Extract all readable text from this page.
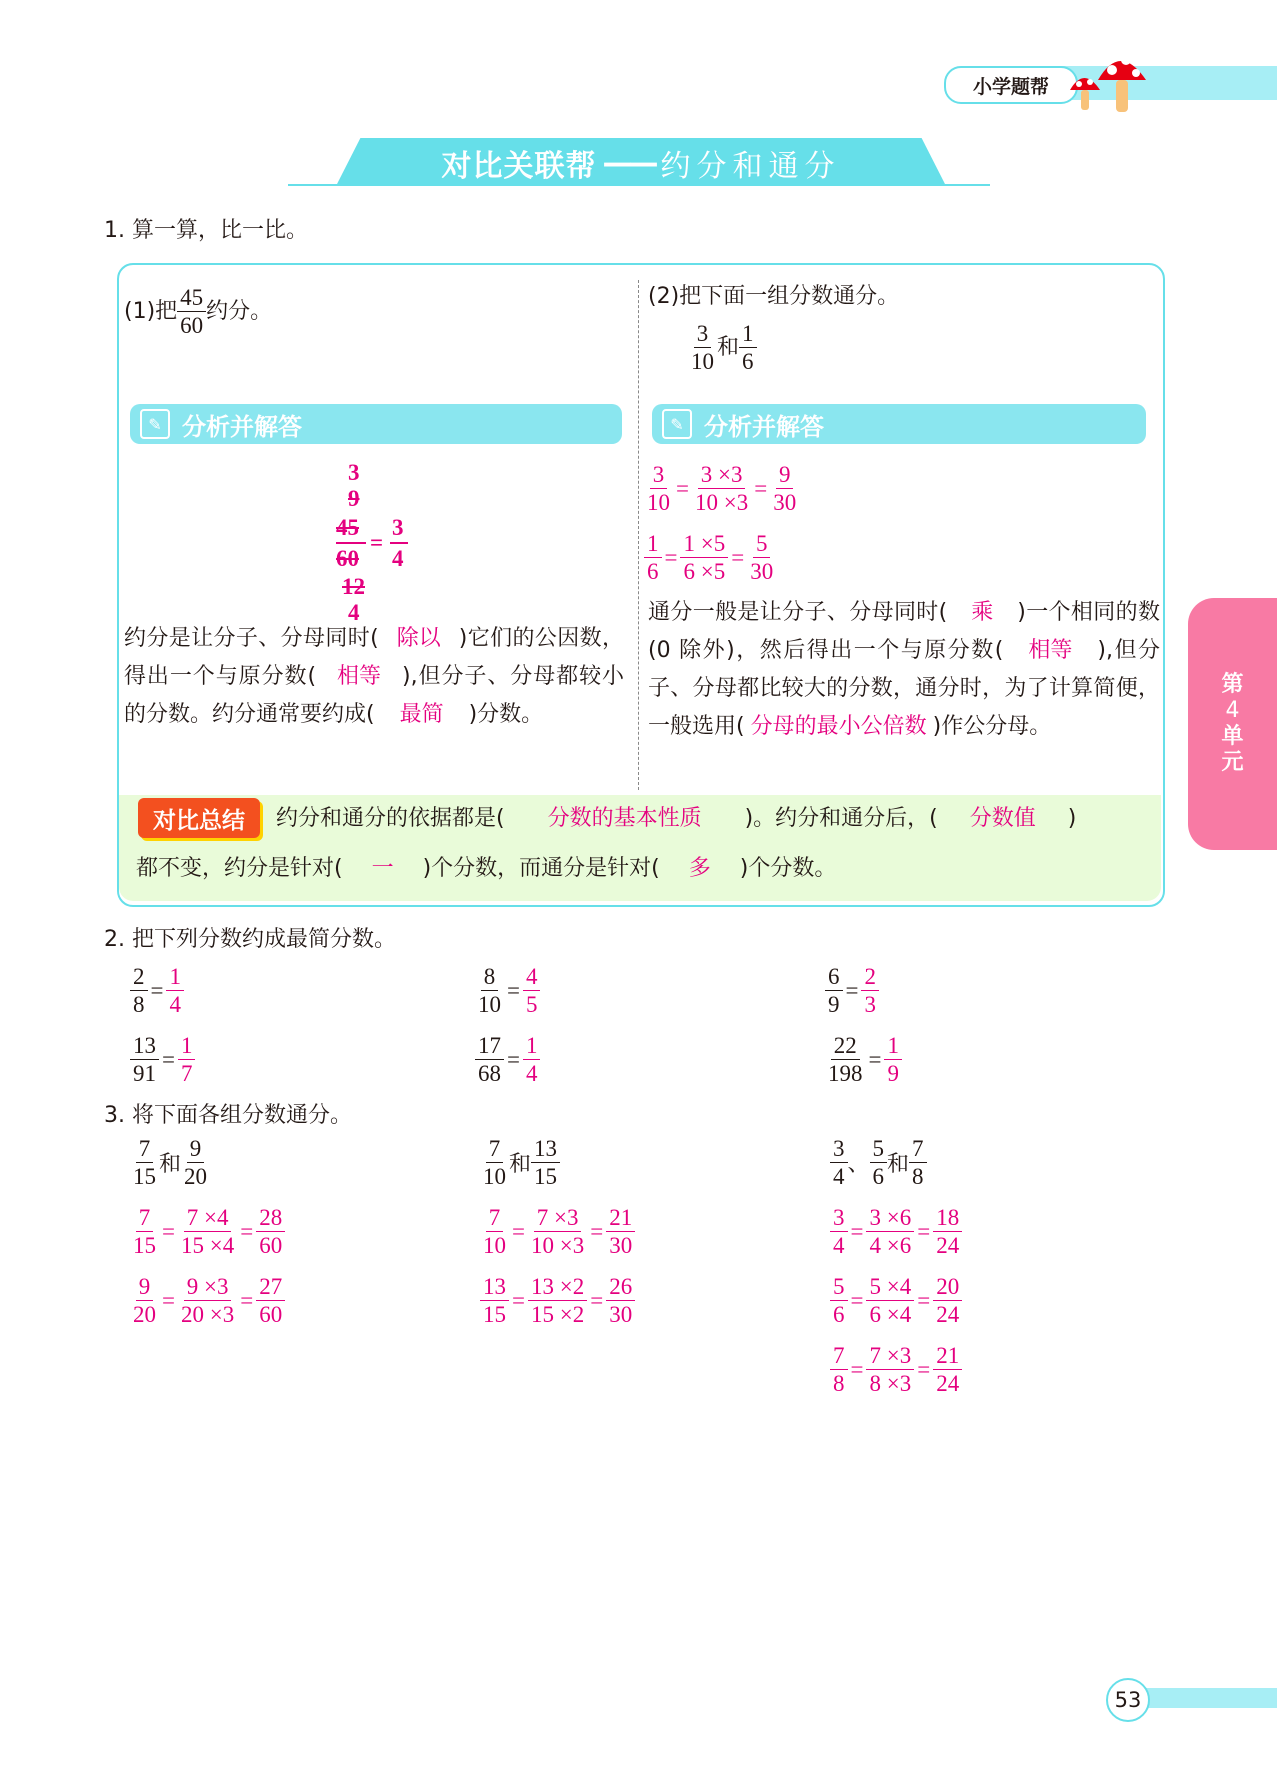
小学题帮
对比关联帮 —— 约分和通分
第
4
单
元
1. 算一算，比一比。
(1)把 $\frac{45}{60}$ 约分。
✎ 分析并解答
3
9
45
60
=
3
4
12
4
约分是让分子、分母同时( 除以 )它们的公因数，得出一个与原分数( 相等 ),但分子、分母都较小的分数。约分通常要约成( 最简 )分数。
(2)把下面一组分数通分。
$\frac{3}{10}$ 和 $\frac{1}{6}$
✎ 分析并解答
$\frac{3}{10} = \frac{3 \times 3}{10 \times 3} = \frac{9}{30}$
$\frac{1}{6} = \frac{1 \times 5}{6 \times 5} = \frac{5}{30}$
通分一般是让分子、分母同时( 乘 )一个相同的数(0 除外)，然后得出一个与原分数( 相等 ),但分子、分母都比较大的分数，通分时，为了计算简便，一般选用( 分母的最小公倍数 )作公分母。
对比总结 约分和通分的依据都是( 分数的基本性质 )。约分和通分后，( 分数值 )
都不变，约分是针对( 一 )个分数，而通分是针对( 多 )个分数。
2. 把下列分数约成最简分数。
$\frac{2}{8} = \frac{1}{4}$	$\frac{8}{10} = \frac{4}{5}$	$\frac{6}{9} = \frac{2}{3}$
$\frac{13}{91} = \frac{1}{7}$	$\frac{17}{68} = \frac{1}{4}$	$\frac{22}{198} = \frac{1}{9}$
3. 将下面各组分数通分。
$\frac{7}{15}$ 和 $\frac{9}{20}$
$\frac{7}{15} = \frac{7 \times 4}{15 \times 4} = \frac{28}{60}$
$\frac{9}{20} = \frac{9 \times 3}{20 \times 3} = \frac{27}{60}$
$\frac{7}{10}$ 和 $\frac{13}{15}$
$\frac{7}{10} = \frac{7 \times 3}{10 \times 3} = \frac{21}{30}$
$\frac{13}{15} = \frac{13 \times 2}{15 \times 2} = \frac{26}{30}$
$\frac{3}{4}$ 、 $\frac{5}{6}$ 和 $\frac{7}{8}$
$\frac{3}{4} = \frac{3 \times 6}{4 \times 6} = \frac{18}{24}$
$\frac{5}{6} = \frac{5 \times 4}{6 \times 4} = \frac{20}{24}$
$\frac{7}{8} = \frac{7 \times 3}{8 \times 3} = \frac{21}{24}$
53
